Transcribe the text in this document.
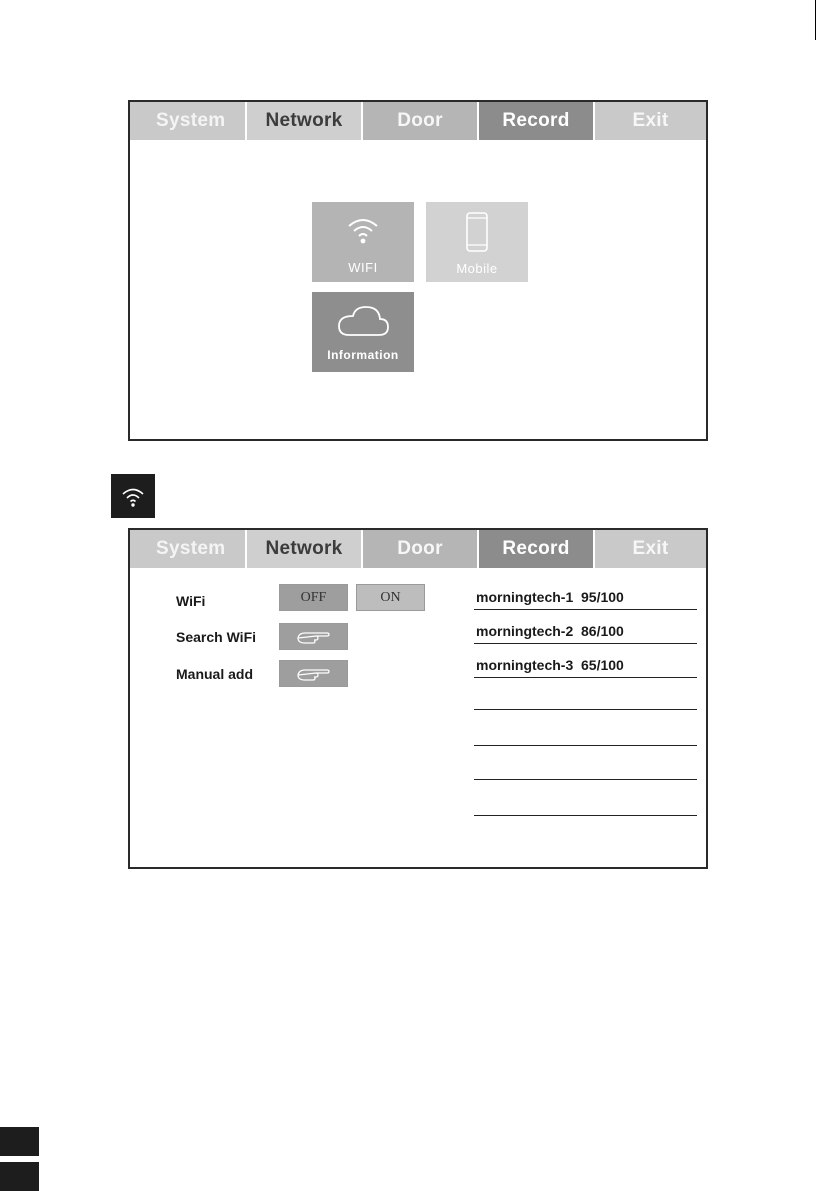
System	Network	Door	Record	Exit
WIFI	Mobile
Information
System	Network	Door	Record	Exit
WiFi	OFF	ON
Search WiFi
Manual add
morningtech-1  95/100
morningtech-2  86/100
morningtech-3  65/100
